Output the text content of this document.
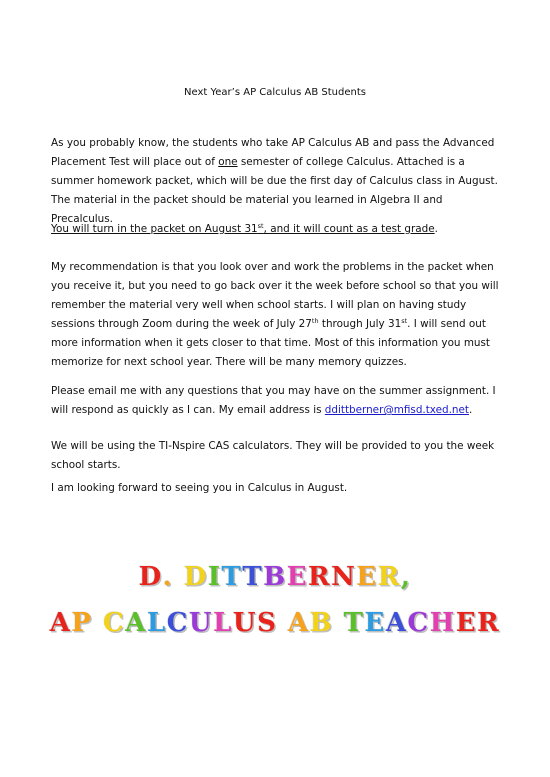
Next Year’s AP Calculus AB Students

As you probably know, the students who take AP Calculus AB and pass the Advanced Placement Test will place out of one semester of college Calculus. Attached is a summer homework packet, which will be due the first day of Calculus class in August. The material in the packet should be material you learned in Algebra II and Precalculus.

You will turn in the packet on August 31st, and it will count as a test grade.

My recommendation is that you look over and work the problems in the packet when you receive it, but you need to go back over it the week before school so that you will remember the material very well when school starts. I will plan on having study sessions through Zoom during the week of July 27th through July 31st. I will send out more information when it gets closer to that time. Most of this information you must memorize for next school year. There will be many memory quizzes.

Please email me with any questions that you may have on the summer assignment. I will respond as quickly as I can. My email address is ddittberner@mfisd.txed.net.

We will be using the TI-Nspire CAS calculators. They will be provided to you the week school starts.

I am looking forward to seeing you in Calculus in August.

D. DITTBERNER,
AP CALCULUS AB TEACHER
